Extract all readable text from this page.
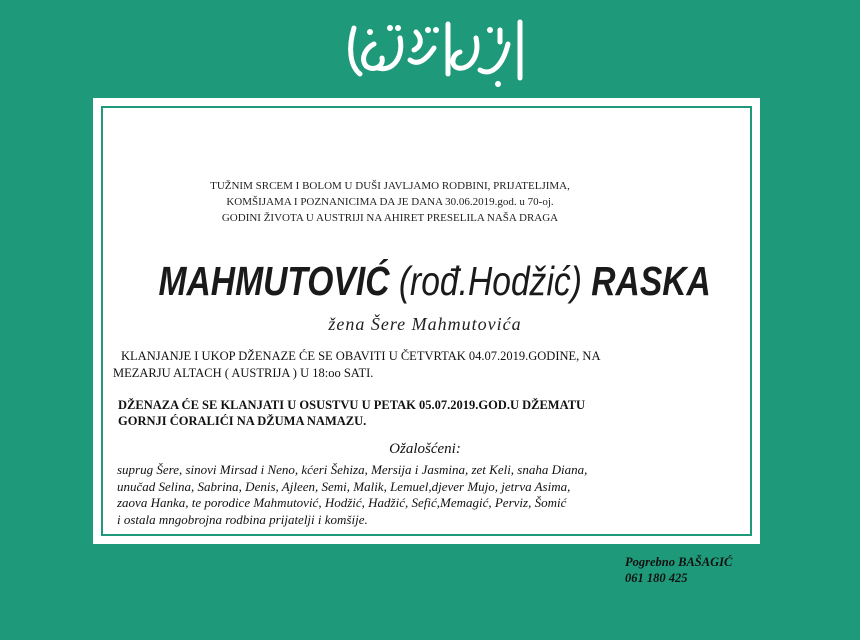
TUŽNIM SRCEM I BOLOM U DUŠI JAVLJAMO RODBINI, PRIJATELJIMA,
KOMŠIJAMA I POZNANICIMA DA JE DANA 30.06.2019.god. u 70-oj.
GODINI ŽIVOTA U AUSTRIJI NA AHIRET PRESELILA NAŠA DRAGA
MAHMUTOVIĆ (rođ.Hodžić) RASKA
žena Šere Mahmutovića
KLANJANJE I UKOP DŽENAZE ĆE SE OBAVITI U ČETVRTAK 04.07.2019.GODINE, NA
MEZARJU ALTACH ( AUSTRIJA ) U 18:oo SATI.
DŽENAZA ĆE SE KLANJATI U OSUSTVU U PETAK 05.07.2019.GOD.U DŽEMATU
GORNJI ĆORALIĆI NA DŽUMA NAMAZU.
Ožalošćeni:
suprug Šere, sinovi Mirsad i Neno, kćeri Šehiza, Mersija i Jasmina, zet Keli, snaha Diana,
unučad Selina, Sabrina, Denis, Ajleen, Semi, Malik, Lemuel,djever Mujo, jetrva Asima,
zaova Hanka, te porodice Mahmutović, Hodžić, Hadžić, Sefić,Memagić, Perviz, Šomić
i ostala mngobrojna rodbina prijatelji i komšije.
Pogrebno BAŠAGIĆ
061 180 425
